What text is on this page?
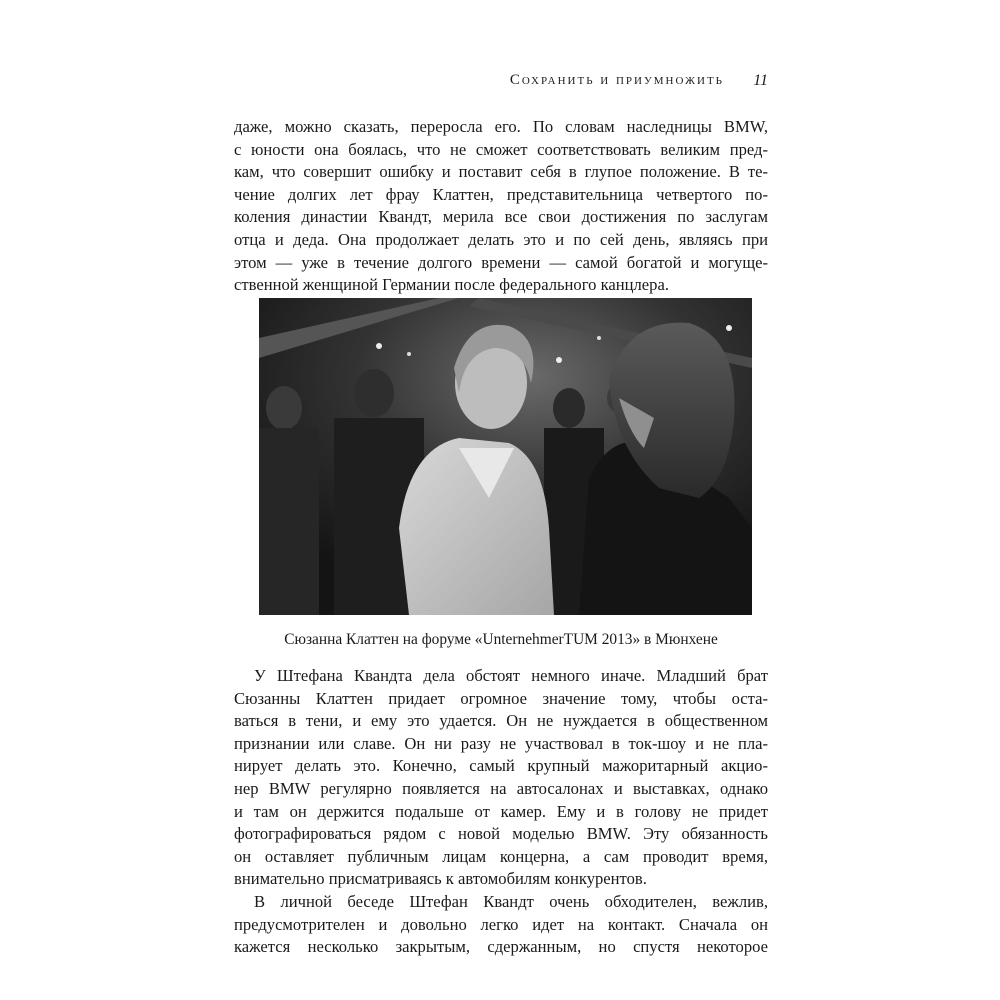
Сохранить и приумножить 11
даже, можно сказать, переросла его. По словам наследницы BMW,
с юности она боялась, что не сможет соответствовать великим пред-
кам, что совершит ошибку и поставит себя в глупое положение. В те-
чение долгих лет фрау Клаттен, представительница четвертого по-
коления династии Квандт, мерила все свои достижения по заслугам
отца и деда. Она продолжает делать это и по сей день, являясь при
этом — уже в течение долгого времени — самой богатой и могуще-
ственной женщиной Германии после федерального канцлера.
Сюзанна Клаттен на форуме «UnternehmerTUM 2013» в Мюнхене
У Штефана Квандта дела обстоят немного иначе. Младший брат
Сюзанны Клаттен придает огромное значение тому, чтобы оста-
ваться в тени, и ему это удается. Он не нуждается в общественном
признании или славе. Он ни разу не участвовал в ток-шоу и не пла-
нирует делать это. Конечно, самый крупный мажоритарный акцио-
нер BMW регулярно появляется на автосалонах и выставках, однако
и там он держится подальше от камер. Ему и в голову не придет
фотографироваться рядом с новой моделью BMW. Эту обязанность
он оставляет публичным лицам концерна, а сам проводит время,
внимательно присматриваясь к автомобилям конкурентов.
В личной беседе Штефан Квандт очень обходителен, вежлив,
предусмотрителен и довольно легко идет на контакт. Сначала он
кажется несколько закрытым, сдержанным, но спустя некоторое
